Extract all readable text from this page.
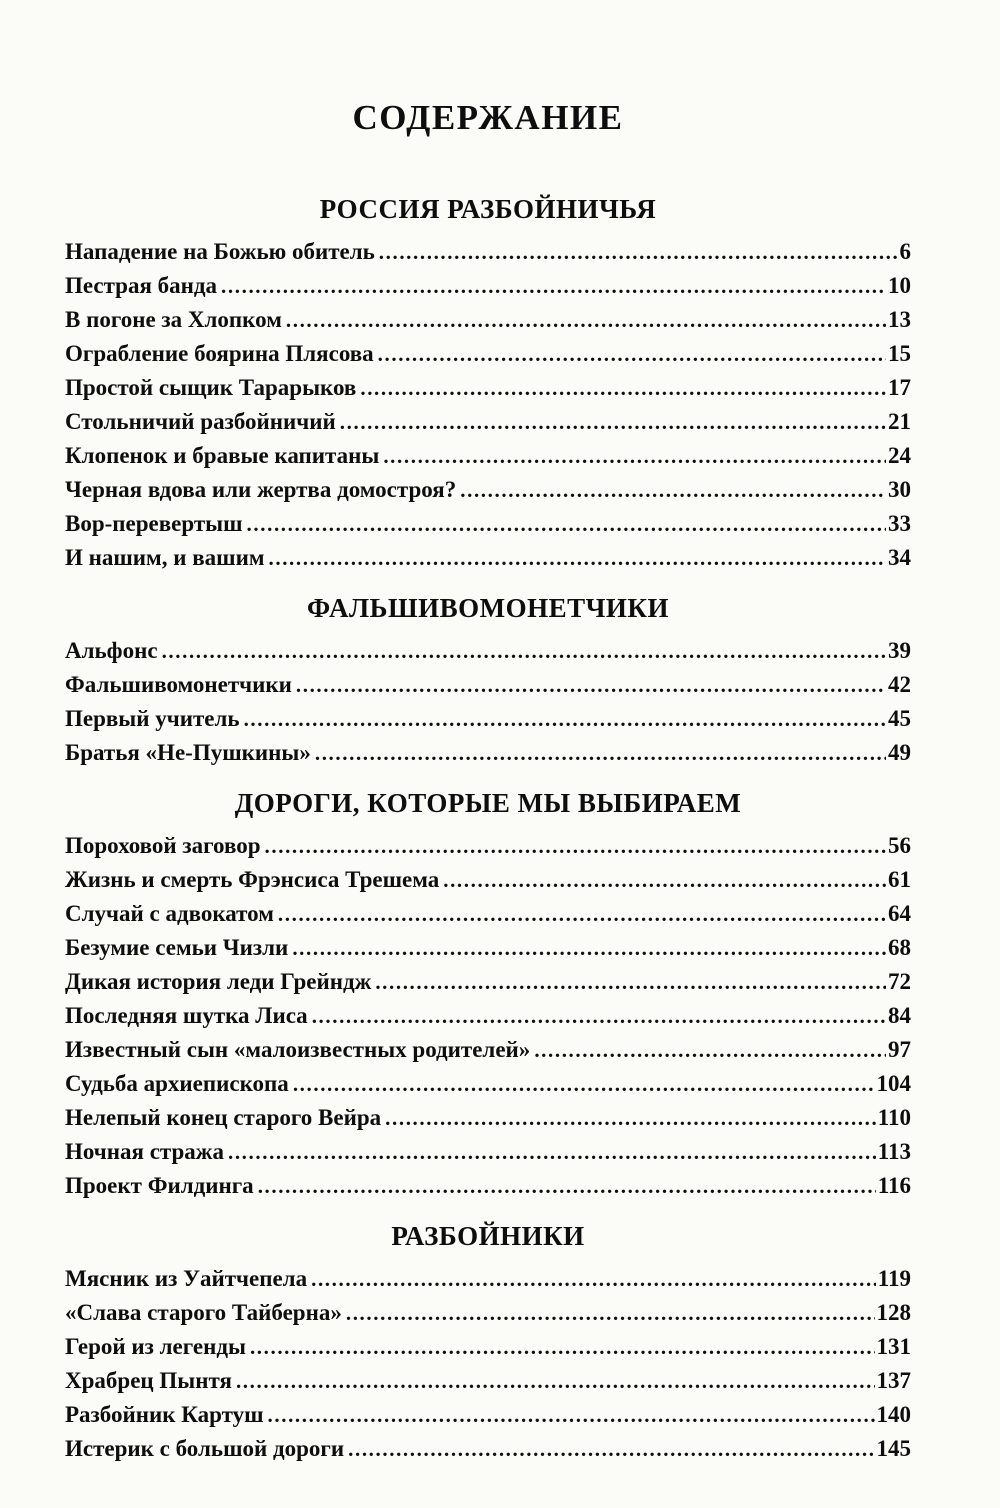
СОДЕРЖАНИЕ
РОССИЯ РАЗБОЙНИЧЬЯ
Нападение на Божью обитель .....	6
Пестрая банда .....	10
В погоне за Хлопком .....	13
Ограбление боярина Плясова .....	15
Простой сыщик Тарарыков .....	17
Стольничий разбойничий .....	21
Клопенок и бравые капитаны .....	24
Черная вдова или жертва домостроя? .....	30
Вор-перевертыш .....	33
И нашим, и вашим .....	34
ФАЛЬШИВОМОНЕТЧИКИ
Альфонс .....	39
Фальшивомонетчики .....	42
Первый учитель .....	45
Братья «Не-Пушкины» .....	49
ДОРОГИ, КОТОРЫЕ МЫ ВЫБИРАЕМ
Пороховой заговор .....	56
Жизнь и смерть Фрэнсиса Трешема .....	61
Случай с адвокатом .....	64
Безумие семьи Чизли .....	68
Дикая история леди Грейндж .....	72
Последняя шутка Лиса .....	84
Известный сын «малоизвестных родителей» .....	97
Судьба архиепископа .....	104
Нелепый конец старого Вейра .....	110
Ночная стража .....	113
Проект Филдинга .....	116
РАЗБОЙНИКИ
Мясник из Уайтчепела .....	119
«Слава старого Тайберна» .....	128
Герой из легенды .....	131
Храбрец Пынтя .....	137
Разбойник Картуш .....	140
Истерик с большой дороги .....	145
